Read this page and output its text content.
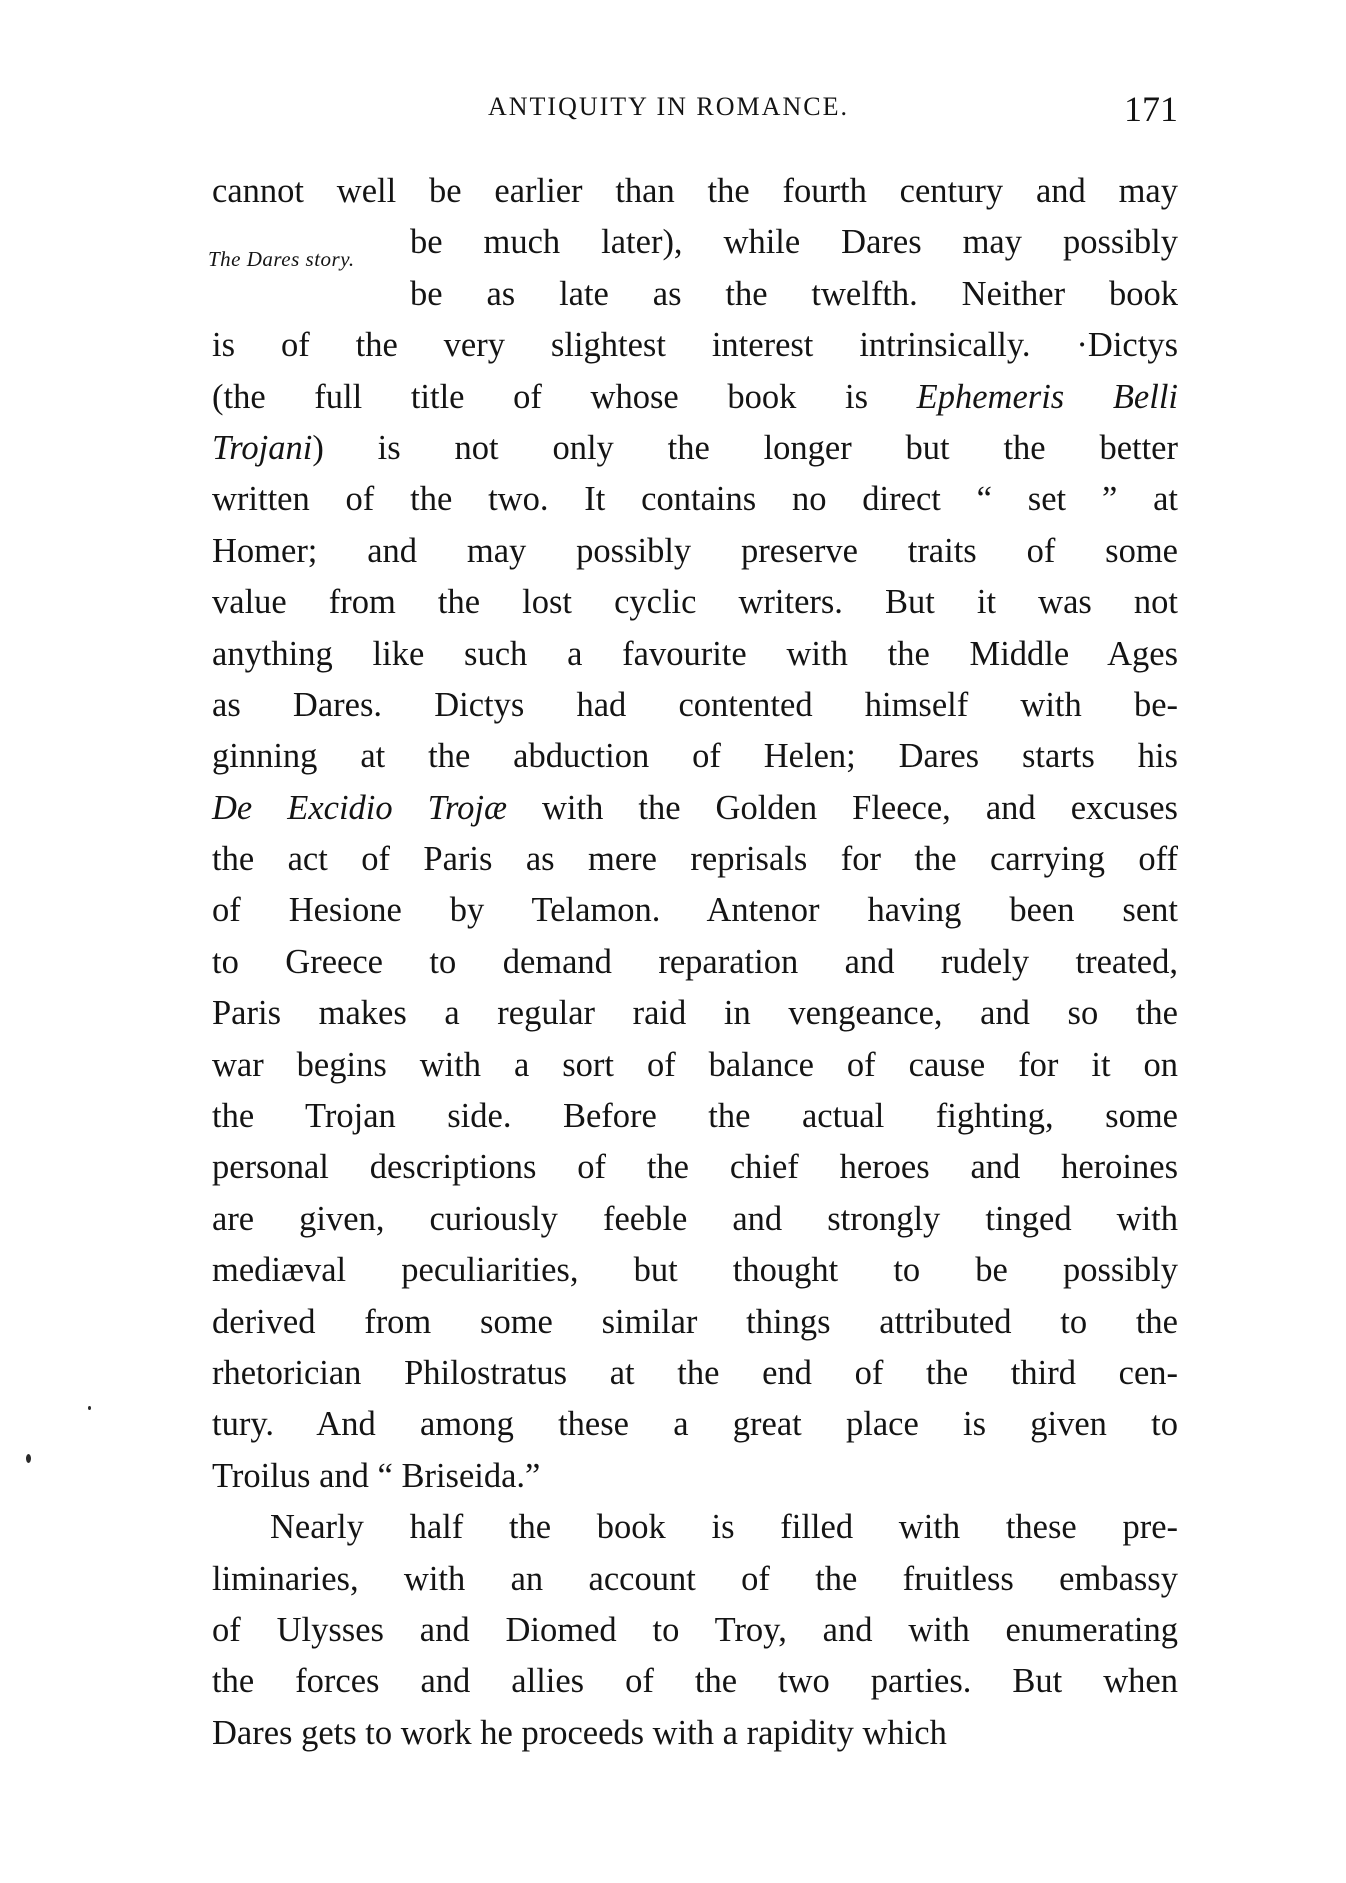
ANTIQUITY IN ROMANCE.	171
The Dares story.
cannot well be earlier than the fourth century and may
be much later), while Dares may possibly
be as late as the twelfth. Neither book
is of the very slightest interest intrinsically. ·Dictys
(the full title of whose book is Ephemeris Belli
Trojani) is not only the longer but the better
written of the two. It contains no direct “ set ” at
Homer; and may possibly preserve traits of some
value from the lost cyclic writers. But it was not
anything like such a favourite with the Middle Ages
as Dares. Dictys had contented himself with be-
ginning at the abduction of Helen; Dares starts his
De Excidio Trojæ with the Golden Fleece, and excuses
the act of Paris as mere reprisals for the carrying off
of Hesione by Telamon. Antenor having been sent
to Greece to demand reparation and rudely treated,
Paris makes a regular raid in vengeance, and so the
war begins with a sort of balance of cause for it on
the Trojan side. Before the actual fighting, some
personal descriptions of the chief heroes and heroines
are given, curiously feeble and strongly tinged with
mediæval peculiarities, but thought to be possibly
derived from some similar things attributed to the
rhetorician Philostratus at the end of the third cen-
tury. And among these a great place is given to
Troilus and “ Briseida.”
Nearly half the book is filled with these pre-
liminaries, with an account of the fruitless embassy
of Ulysses and Diomed to Troy, and with enumerating
the forces and allies of the two parties. But when
Dares gets to work he proceeds with a rapidity which
